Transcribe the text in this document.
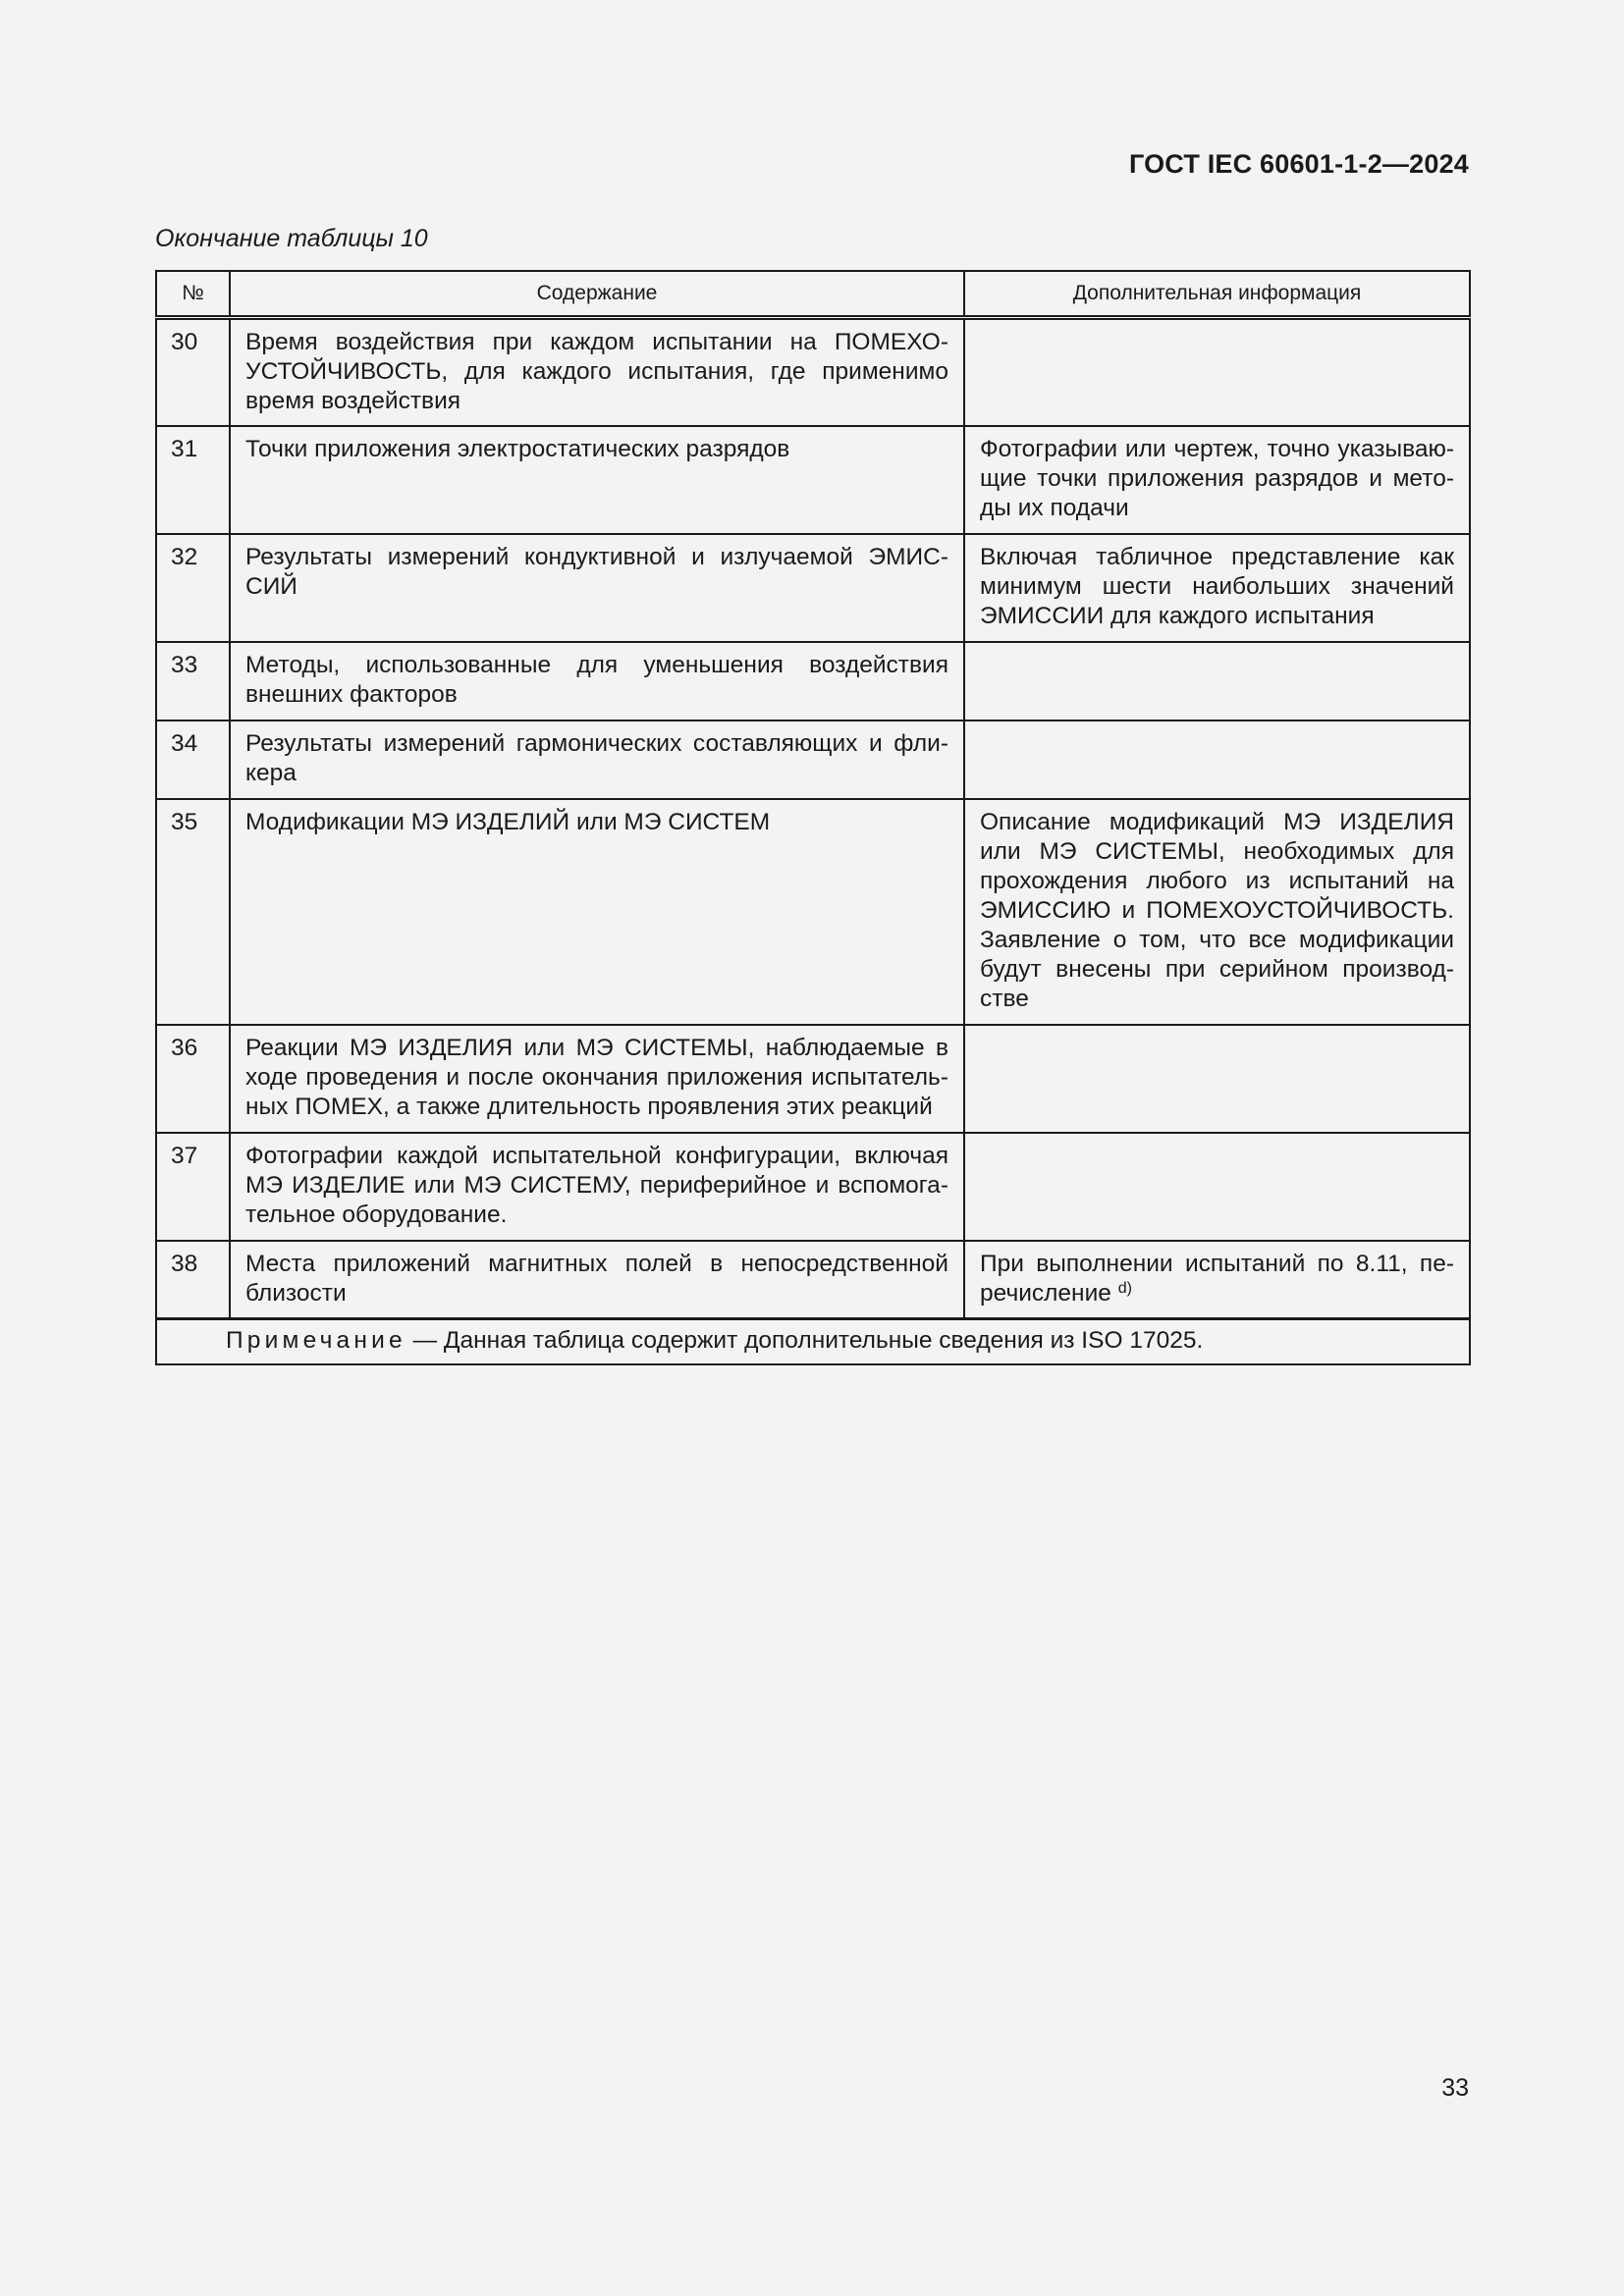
ГОСТ IEC 60601-1-2—2024
Окончание таблицы 10
№	Содержание	Дополнительная информация
30	Время воздействия при каждом испытании на ПОМЕХОУСТОЙЧИВОСТЬ, для каждого испытания, где применимо время воздействия	
31	Точки приложения электростатических разрядов	Фотографии или чертеж, точно указывающие точки приложения разрядов и методы их подачи
32	Результаты измерений кондуктивной и излучаемой ЭМИССИЙ	Включая табличное представление как минимум шести наибольших значений ЭМИССИИ для каждого испытания
33	Методы, использованные для уменьшения воздействия внешних факторов	
34	Результаты измерений гармонических составляющих и фликера	
35	Модификации МЭ ИЗДЕЛИЙ или МЭ СИСТЕМ	Описание модификаций МЭ ИЗДЕЛИЯ или МЭ СИСТЕМЫ, необходимых для прохождения любого из испытаний на ЭМИССИЮ и ПОМЕХОУСТОЙЧИВОСТЬ. Заявление о том, что все модификации будут внесены при серийном производстве
36	Реакции МЭ ИЗДЕЛИЯ или МЭ СИСТЕМЫ, наблюдаемые в ходе проведения и после окончания приложения испытательных ПОМЕХ, а также длительность проявления этих реакций	
37	Фотографии каждой испытательной конфигурации, включая МЭ ИЗДЕЛИЕ или МЭ СИСТЕМУ, периферийное и вспомогательное оборудование.	
38	Места приложений магнитных полей в непосредственной близости	При выполнении испытаний по 8.11, перечисление $^{d)}$
Примечание — Данная таблица содержит дополнительные сведения из ISO 17025.		
33
